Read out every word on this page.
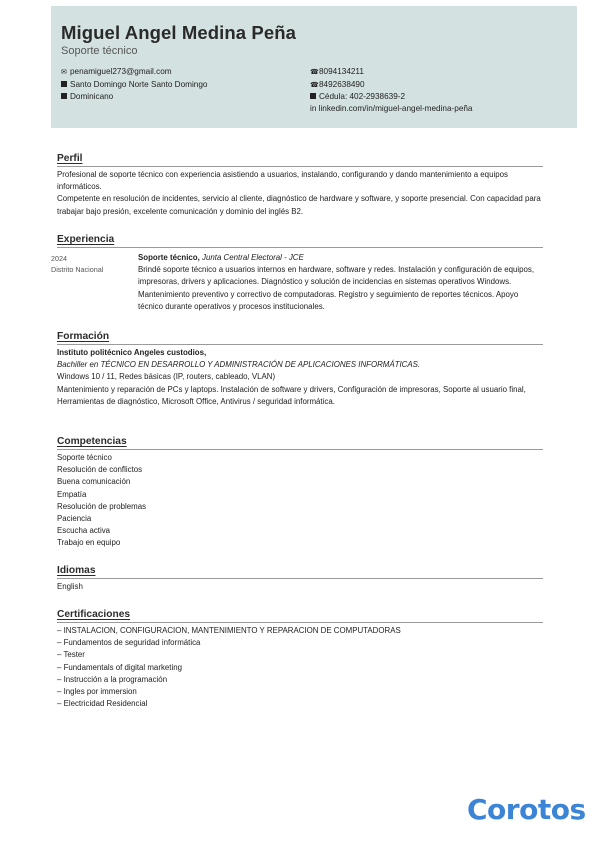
Miguel Angel Medina Peña
Soporte técnico
✉ penamiguel273@gmail.com
Santo Domingo Norte Santo Domingo
Dominicano
☎8094134211
☎8492638490
Cédula: 402-2938639-2
in linkedin.com/in/miguel-angel-medina-peña
Perfil
Profesional de soporte técnico con experiencia asistiendo a usuarios, instalando, configurando y dando mantenimiento a equipos informáticos.
Competente en resolución de incidentes, servicio al cliente, diagnóstico de hardware y software, y soporte presencial. Con capacidad para trabajar bajo presión, excelente comunicación y dominio del inglés B2.
Experiencia
2024
Distrito Nacional
Soporte técnico, Junta Central Electoral - JCE
Brindé soporte técnico a usuarios internos en hardware, software y redes. Instalación y configuración de equipos, impresoras, drivers y aplicaciones. Diagnóstico y solución de incidencias en sistemas operativos Windows. Mantenimiento preventivo y correctivo de computadoras. Registro y seguimiento de reportes técnicos. Apoyo técnico durante operativos y procesos institucionales.
Formación
Instituto politécnico Angeles custodios,
Bachiller en TÉCNICO EN DESARROLLO Y ADMINISTRACIÓN DE APLICACIONES INFORMÁTICAS.
Windows 10 / 11, Redes básicas (IP, routers, cableado, VLAN)
Mantenimiento y reparación de PCs y laptops. Instalación de software y drivers, Configuración de impresoras, Soporte al usuario final,
Herramientas de diagnóstico, Microsoft Office, Antivirus / seguridad informática.
Competencias
Soporte técnico
Resolución de conflictos
Buena comunicación
Empatía
Resolución de problemas
Paciencia
Escucha activa
Trabajo en equipo
Idiomas
English
Certificaciones
– INSTALACION, CONFIGURACION, MANTENIMIENTO Y REPARACION DE COMPUTADORAS
– Fundamentos de seguridad informática
– Tester
– Fundamentals of digital marketing
– Instrucción a la programación
– Ingles por immersion
– Electricidad Residencial
Corotos
